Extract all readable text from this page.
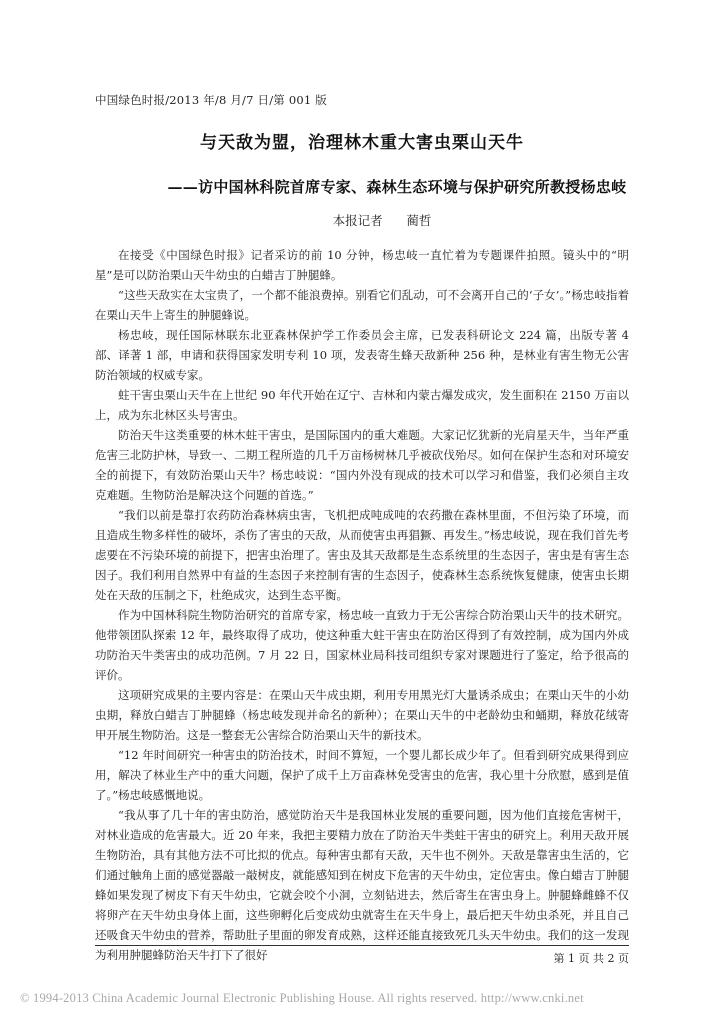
中国绿色时报/2013 年/8 月/7 日/第 001 版
与天敌为盟，治理林木重大害虫栗山天牛
——访中国林科院首席专家、森林生态环境与保护研究所教授杨忠岐
本报记者      蔺哲

在接受《中国绿色时报》记者采访的前 10 分钟，杨忠岐一直忙着为专题课件拍照。镜头中的“明星”是可以防治栗山天牛幼虫的白蜡吉丁肿腿蜂。

“这些天敌实在太宝贵了，一个都不能浪费掉。别看它们乱动，可不会离开自己的‘子女’。”杨忠岐指着在栗山天牛上寄生的肿腿蜂说。

杨忠岐，现任国际林联东北亚森林保护学工作委员会主席，已发表科研论文 224 篇，出版专著 4 部、译著 1 部，申请和获得国家发明专利 10 项，发表寄生蜂天敌新种 256 种，是林业有害生物无公害防治领域的权威专家。

蛀干害虫栗山天牛在上世纪 90 年代开始在辽宁、吉林和内蒙古爆发成灾，发生面积在 2150 万亩以上，成为东北林区头号害虫。

防治天牛这类重要的林木蛀干害虫，是国际国内的重大难题。大家记忆犹新的光肩星天牛，当年严重危害三北防护林，导致一、二期工程所造的几千万亩杨树林几乎被砍伐殆尽。如何在保护生态和对环境安全的前提下，有效防治栗山天牛？杨忠岐说：“国内外没有现成的技术可以学习和借鉴，我们必须自主攻克难题。生物防治是解决这个问题的首选。”

“我们以前是靠打农药防治森林病虫害，飞机把成吨成吨的农药撒在森林里面，不但污染了环境，而且造成生物多样性的破坏，杀伤了害虫的天敌，从而使害虫再猖獗、再发生。”杨忠岐说，现在我们首先考虑要在不污染环境的前提下，把害虫治理了。害虫及其天敌都是生态系统里的生态因子，害虫是有害生态因子。我们利用自然界中有益的生态因子来控制有害的生态因子，使森林生态系统恢复健康，使害虫长期处在天敌的压制之下，杜绝成灾，达到生态平衡。

作为中国林科院生物防治研究的首席专家，杨忠岐一直致力于无公害综合防治栗山天牛的技术研究。他带领团队探索 12 年，最终取得了成功，使这种重大蛀干害虫在防治区得到了有效控制，成为国内外成功防治天牛类害虫的成功范例。7 月 22 日，国家林业局科技司组织专家对课题进行了鉴定，给予很高的评价。

这项研究成果的主要内容是：在栗山天牛成虫期，利用专用黑光灯大量诱杀成虫；在栗山天牛的小幼虫期，释放白蜡吉丁肿腿蜂（杨忠岐发现并命名的新种）；在栗山天牛的中老龄幼虫和蛹期，释放花绒寄甲开展生物防治。这是一整套无公害综合防治栗山天牛的新技术。

“12 年时间研究一种害虫的防治技术，时间不算短，一个婴儿都长成少年了。但看到研究成果得到应用，解决了林业生产中的重大问题，保护了成千上万亩森林免受害虫的危害，我心里十分欣慰，感到是值了。”杨忠岐感慨地说。

“我从事了几十年的害虫防治，感觉防治天牛是我国林业发展的重要问题，因为他们直接危害树干，对林业造成的危害最大。近 20 年来，我把主要精力放在了防治天牛类蛀干害虫的研究上。利用天敌开展生物防治，具有其他方法不可比拟的优点。每种害虫都有天敌，天牛也不例外。天敌是靠害虫生活的，它们通过触角上面的感觉器敲一敲树皮，就能感知到在树皮下危害的天牛幼虫，定位害虫。像白蜡吉丁肿腿蜂如果发现了树皮下有天牛幼虫，它就会咬个小洞，立刻钻进去，然后寄生在害虫身上。肿腿蜂雌蜂不仅将卵产在天牛幼虫身体上面，这些卵孵化后变成幼虫就寄生在天牛身上，最后把天牛幼虫杀死，并且自己还吸食天牛幼虫的营养，帮助肚子里面的卵发育成熟，这样还能直接致死几头天牛幼虫。我们的这一发现为利用肿腿蜂防治天牛打下了很好	第 1 页 共 2 页
© 1994-2013 China Academic Journal Electronic Publishing House. All rights reserved. http://www.cnki.net
